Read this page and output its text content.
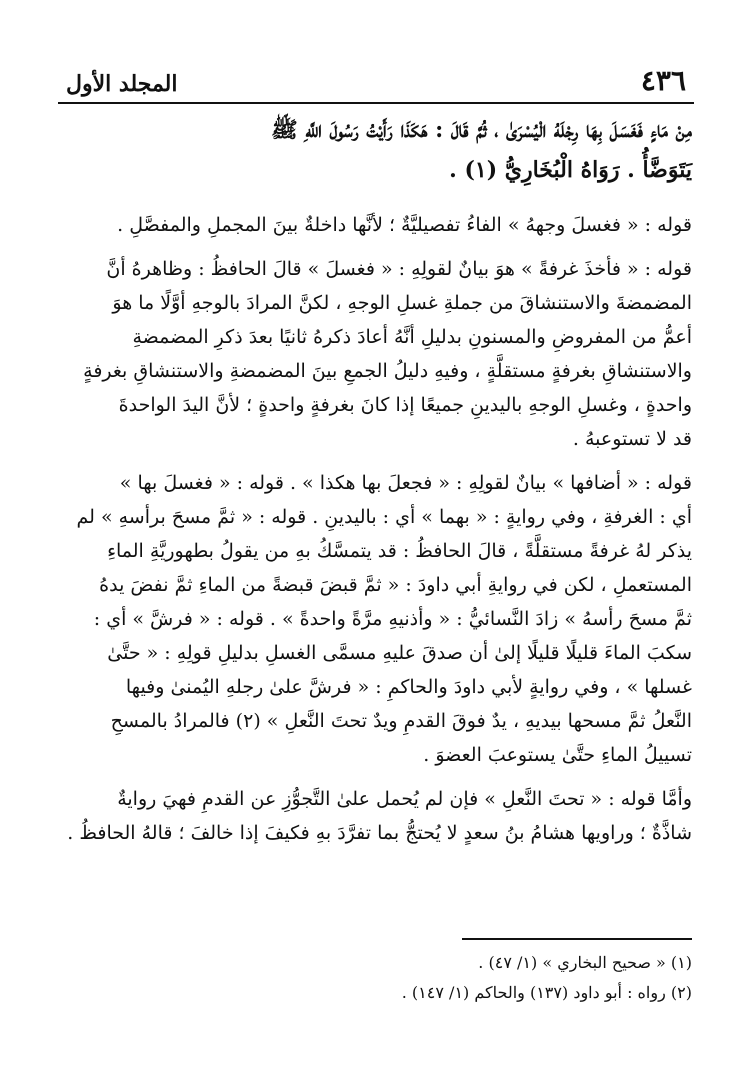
٤٣٦
المجلد الأول

مِنْ مَاءٍ فَغَسَلَ بِهَا رِجْلَهُ الْيُسْرَىٰ ، ثُمَّ قَالَ : هَكَذَا رَأَيْتُ رَسُولَ اللَّهِ ﷺ
يَتَوَضَّأُ . رَوَاهُ الْبُخَارِيُّ (١) .

قوله : « فغسلَ وجههُ » الفاءُ تفصيليَّةٌ ؛ لأنَّها داخلةٌ بينَ المجملِ والمفصَّلِ .

قوله : « فأخذَ غرفةً » هوَ بيانٌ لقولِهِ : « فغسلَ » قالَ الحافظُ : وظاهرهُ أنَّ
المضمضةَ والاستنشاقَ من جملةِ غسلِ الوجهِ ، لكنَّ المرادَ بالوجهِ أوَّلًا ما هوَ
أعمُّ من المفروضِ والمسنونِ بدليلِ أنَّهُ أعادَ ذكرهُ ثانيًا بعدَ ذكرِ المضمضةِ
والاستنشاقِ بغرفةٍ مستقلَّةٍ ، وفيهِ دليلُ الجمعِ بينَ المضمضةِ والاستنشاقِ بغرفةٍ
واحدةٍ ، وغسلِ الوجهِ باليدينِ جميعًا إذا كانَ بغرفةٍ واحدةٍ ؛ لأنَّ اليدَ الواحدةَ
قد لا تستوعبهُ .

قوله : « أضافها » بيانٌ لقولِهِ : « فجعلَ بها هكذا » . قوله : « فغسلَ بها »
أي : الغرفةِ ، وفي روايةٍ : « بهما » أي : باليدينِ . قوله : « ثمَّ مسحَ برأسهِ » لم
يذكر لهُ غرفةً مستقلَّةً ، قالَ الحافظُ : قد يتمسَّكُ بهِ من يقولُ بطهوريَّةِ الماءِ
المستعملِ ، لكن في روايةِ أبي داودَ : « ثمَّ قبضَ قبضةً من الماءِ ثمَّ نفضَ يدهُ
ثمَّ مسحَ رأسهُ » زادَ النَّسائيُّ : « وأذنيهِ مرَّةً واحدةً » . قوله : « فرشَّ » أي :
سكبَ الماءَ قليلًا قليلًا إلىٰ أن صدقَ عليهِ مسمَّى الغسلِ بدليلِ قولِهِ : « حتَّىٰ
غسلها » ، وفي روايةٍ لأبي داودَ والحاكمِ : « فرشَّ علىٰ رجلهِ اليُمنىٰ وفيها
النَّعلُ ثمَّ مسحها بيديهِ ، يدٌ فوقَ القدمِ ويدٌ تحتَ النَّعلِ » (٢) فالمرادُ بالمسحِ
تسييلُ الماءِ حتَّىٰ يستوعبَ العضوَ .

وأمَّا قوله : « تحتَ النَّعلِ » فإن لم يُحمل علىٰ التَّجوُّزِ عن القدمِ فهيَ روايةٌ
شاذَّةٌ ؛ وراويها هشامُ بنُ سعدٍ لا يُحتجُّ بما تفرَّدَ بهِ فكيفَ إذا خالفَ ؛ قالهُ الحافظُ .

(١) « صحيح البخاري » (١/ ٤٧) .
(٢) رواه : أبو داود (١٣٧) والحاكم (١/ ١٤٧) .
